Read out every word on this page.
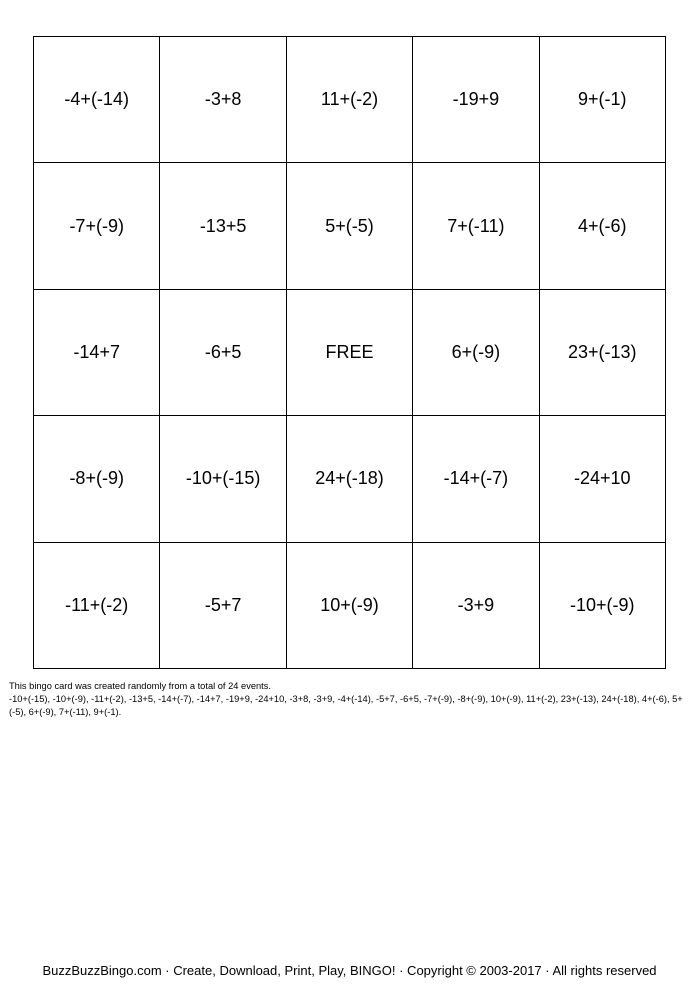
-4+(-14)	-3+8	11+(-2)	-19+9	9+(-1)
-7+(-9)	-13+5	5+(-5)	7+(-11)	4+(-6)
-14+7	-6+5	FREE	6+(-9)	23+(-13)
-8+(-9)	-10+(-15)	24+(-18)	-14+(-7)	-24+10
-11+(-2)	-5+7	10+(-9)	-3+9	-10+(-9)

This bingo card was created randomly from a total of 24 events.

-10+(-15), -10+(-9), -11+(-2), -13+5, -14+(-7), -14+7, -19+9, -24+10, -3+8, -3+9, -4+(-14), -5+7, -6+5, -7+(-9), -8+(-9), 10+(-9), 11+(-2), 23+(-13), 24+(-18), 4+(-6), 5+(-5), 6+(-9), 7+(-11), 9+(-1).

BuzzBuzzBingo.com · Create, Download, Print, Play, BINGO! · Copyright © 2003-2017 · All rights reserved
